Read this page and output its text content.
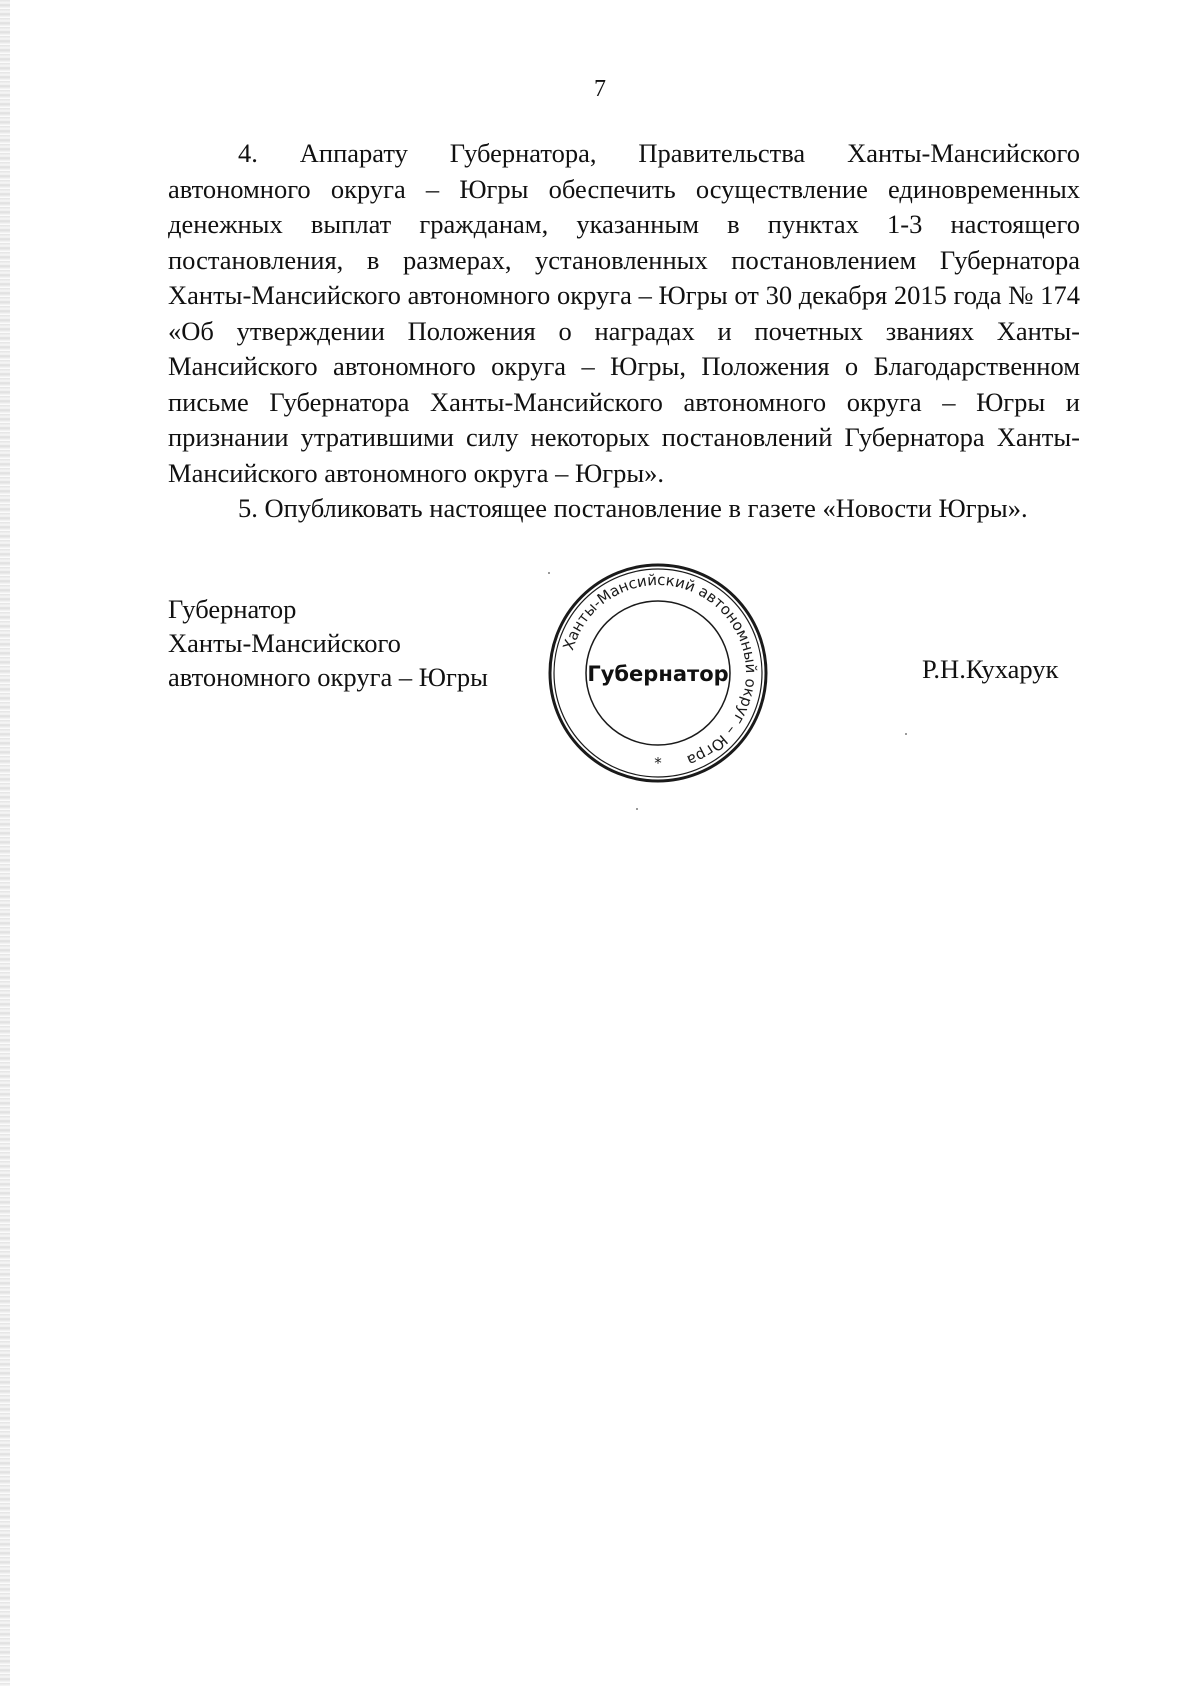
7

4. Аппарату Губернатора, Правительства Ханты-Мансийского автономного округа – Югры обеспечить осуществление единовременных денежных выплат гражданам, указанным в пунктах 1-3 настоящего постановления, в размерах, установленных постановлением Губернатора Ханты-Мансийского автономного округа – Югры от 30 декабря 2015 года № 174 «Об утверждении Положения о наградах и почетных званиях Ханты-Мансийского автономного округа – Югры, Положения о Благодарственном письме Губернатора Ханты-Мансийского автономного округа – Югры и признании утратившими силу некоторых постановлений Губернатора Ханты-Мансийского автономного округа – Югры».

5. Опубликовать настоящее постановление в газете «Новости Югры».

Губернатор
Ханты-Мансийского
автономного округа – Югры
Ханты-Мансийский автономный округ – Югра
Губернатор
*
Р.Н.Кухарук
